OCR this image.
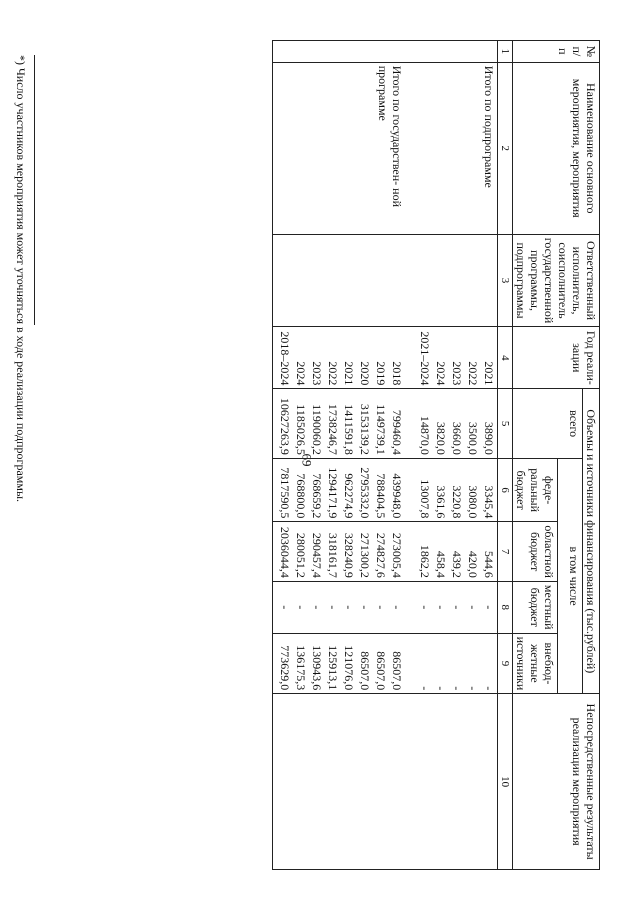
69
№ п/п	Наименование основного мероприятия, мероприятия	Ответственный исполнитель, соисполнитель государственной программы, подпрограммы	Год реали- зации	Объемы и источники финансирования (тыс.рублей)					Непосредственные результаты реализации мероприятия
				всего	в том числе				
					феде- ральный бюджет	областной бюджет	местный бюджет	внебюд- жетные источники	
1	2	3	4	5	6	7	8	9	10
	Итого по подпрограмме		2021	3890,0	3345,4	544,6	-	-	
			2022	3500,0	3080,0	420,0	-	-	
			2023	3660,0	3220,8	439,2	-	-	
			2024	3820,0	3361,6	458,4	-	-	
			2021–2024	14870,0	13007,8	1862,2	-	-	

	Итого по государствен- ной программе		2018	799460,4	439948,0	273005,4	-	86507,0	
			2019	1149739,1	788404,5	274827,6	-	86507,0	
			2020	3153139,2	2795332,0	271300,2	-	86507,0	
			2021	1411591,8	962274,9	328240,9	-	121076,0	
			2022	1738246,7	1294171,9	318161,7	-	125913,1	
			2023	1190060,2	768659,2	290457,4	-	130943,6	
			2024	1185026,5	768800,0	280051,2	-	136175,3	
			2018–2024	10627263,9	7817590,5	2036044,4	-	773629,0	

*) Число участников мероприятия может уточняться в ходе реализации подпрограммы.
